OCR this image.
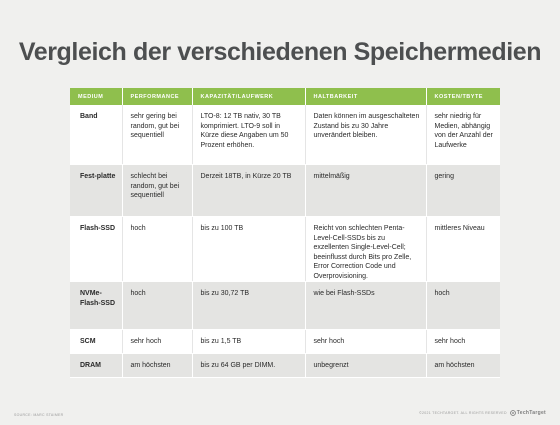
Vergleich der verschiedenen Speichermedien
MEDIUM	PERFORMANCE	KAPAZITÄT/LAUFWERK	HALTBARKEIT	KOSTEN/TBYTE
Band	sehr gering bei random, gut bei sequentiell	LTO-8: 12 TB nativ, 30 TB komprimiert. LTO-9 soll in Kürze diese Angaben um 50 Prozent erhöhen.	Daten können im ausgeschalteten Zustand bis zu 30 Jahre unverändert bleiben.	sehr niedrig für Medien, abhängig von der Anzahl der Laufwerke
Fest-platte	schlecht bei random, gut bei sequentiell	Derzeit 18TB, in Kürze 20 TB	mittelmäßig	gering
Flash-SSD	hoch	bis zu 100 TB	Reicht von schlechten Penta-Level-Cell-SSDs bis zu exzellenten Single-Level-Cell; beeinflusst durch Bits pro Zelle, Error Correction Code und Overprovisioning.	mittleres Niveau
NVMe-Flash-SSD	hoch	bis zu 30,72 TB	wie bei Flash-SSDs	hoch
SCM	sehr hoch	bis zu 1,5 TB	sehr hoch	sehr hoch
DRAM	am höchsten	bis zu 64 GB per DIMM.	unbegrenzt	am höchsten
SOURCE: MARC STAIMER	©2021 TECHTARGET. ALL RIGHTS RESERVED TechTarget
